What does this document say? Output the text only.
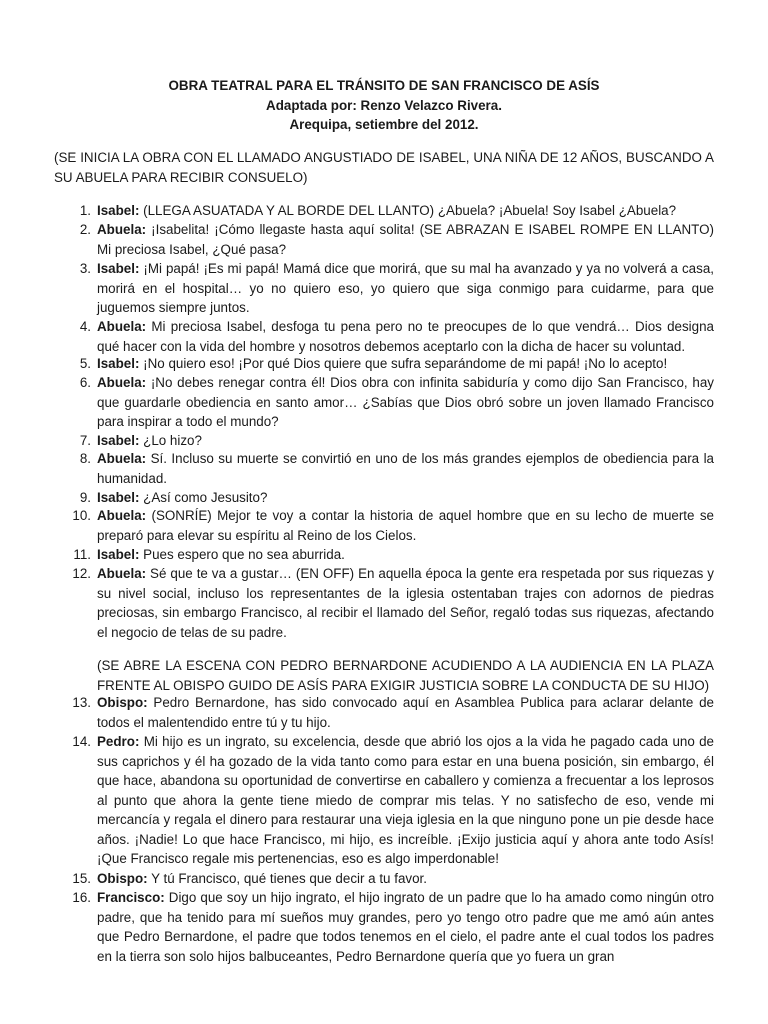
OBRA TEATRAL PARA EL TRÁNSITO DE SAN FRANCISCO DE ASÍS
Adaptada por: Renzo Velazco Rivera.
Arequipa, setiembre del 2012.
(SE INICIA LA OBRA CON EL LLAMADO ANGUSTIADO DE ISABEL, UNA NIÑA DE 12 AÑOS, BUSCANDO A SU ABUELA PARA RECIBIR CONSUELO)
1. Isabel: (LLEGA ASUATADA Y AL BORDE DEL LLANTO) ¿Abuela? ¡Abuela! Soy Isabel ¿Abuela?
2. Abuela: ¡Isabelita! ¡Cómo llegaste hasta aquí solita! (SE ABRAZAN E ISABEL ROMPE EN LLANTO) Mi preciosa Isabel, ¿Qué pasa?
3. Isabel: ¡Mi papá! ¡Es mi papá! Mamá dice que morirá, que su mal ha avanzado y ya no volverá a casa, morirá en el hospital… yo no quiero eso, yo quiero que siga conmigo para cuidarme, para que juguemos siempre juntos.
4. Abuela: Mi preciosa Isabel, desfoga tu pena pero no te preocupes de lo que vendrá… Dios designa qué hacer con la vida del hombre y nosotros debemos aceptarlo con la dicha de hacer su voluntad.
5. Isabel: ¡No quiero eso! ¡Por qué Dios quiere que sufra separándome de mi papá! ¡No lo acepto!
6. Abuela: ¡No debes renegar contra él! Dios obra con infinita sabiduría y como dijo San Francisco, hay que guardarle obediencia en santo amor… ¿Sabías que Dios obró sobre un joven llamado Francisco para inspirar a todo el mundo?
7. Isabel: ¿Lo hizo?
8. Abuela: Sí. Incluso su muerte se convirtió en uno de los más grandes ejemplos de obediencia para la humanidad.
9. Isabel: ¿Así como Jesusito?
10. Abuela: (SONRÍE) Mejor te voy a contar la historia de aquel hombre que en su lecho de muerte se preparó para elevar su espíritu al Reino de los Cielos.
11. Isabel: Pues espero que no sea aburrida.
12. Abuela: Sé que te va a gustar… (EN OFF) En aquella época la gente era respetada por sus riquezas y su nivel social, incluso los representantes de la iglesia ostentaban trajes con adornos de piedras preciosas, sin embargo Francisco, al recibir el llamado del Señor, regaló todas sus riquezas, afectando el negocio de telas de su padre.
13. Obispo: Pedro Bernardone, has sido convocado aquí en Asamblea Publica para aclarar delante de todos el malentendido entre tú y tu hijo.
14. Pedro: Mi hijo es un ingrato, su excelencia, desde que abrió los ojos a la vida he pagado cada uno de sus caprichos y él ha gozado de la vida tanto como para estar en una buena posición, sin embargo, él que hace, abandona su oportunidad de convertirse en caballero y comienza a frecuentar a los leprosos al punto que ahora la gente tiene miedo de comprar mis telas. Y no satisfecho de eso, vende mi mercancía y regala el dinero para restaurar una vieja iglesia en la que ninguno pone un pie desde hace años. ¡Nadie! Lo que hace Francisco, mi hijo, es increíble. ¡Exijo justicia aquí y ahora ante todo Asís! ¡Que Francisco regale mis pertenencias, eso es algo imperdonable!
15. Obispo: Y tú Francisco, qué tienes que decir a tu favor.
16. Francisco: Digo que soy un hijo ingrato, el hijo ingrato de un padre que lo ha amado como ningún otro padre, que ha tenido para mí sueños muy grandes, pero yo tengo otro padre que me amó aún antes que Pedro Bernardone, el padre que todos tenemos en el cielo, el padre ante el cual todos los padres en la tierra son solo hijos balbuceantes, Pedro Bernardone quería que yo fuera un gran
(SE ABRE LA ESCENA CON PEDRO BERNARDONE ACUDIENDO A LA AUDIENCIA EN LA PLAZA FRENTE AL OBISPO GUIDO DE ASÍS PARA EXIGIR JUSTICIA SOBRE LA CONDUCTA DE SU HIJO)
